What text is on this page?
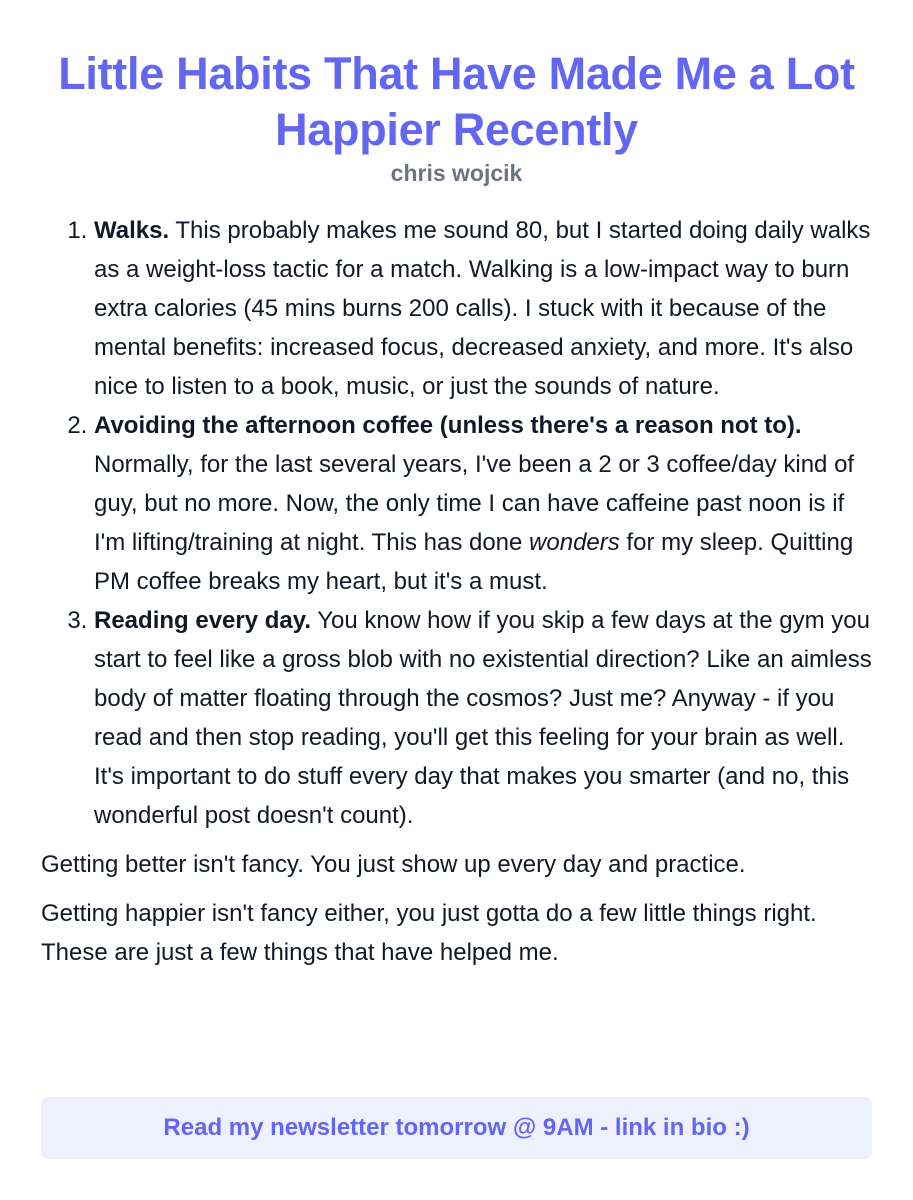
Little Habits That Have Made Me a Lot Happier Recently
chris wojcik
1. Walks. This probably makes me sound 80, but I started doing daily walks as a weight-loss tactic for a match. Walking is a low-impact way to burn extra calories (45 mins burns 200 calls). I stuck with it because of the mental benefits: increased focus, decreased anxiety, and more. It's also nice to listen to a book, music, or just the sounds of nature.
2. Avoiding the afternoon coffee (unless there's a reason not to). Normally, for the last several years, I've been a 2 or 3 coffee/day kind of guy, but no more. Now, the only time I can have caffeine past noon is if I'm lifting/training at night. This has done wonders for my sleep. Quitting PM coffee breaks my heart, but it's a must.
3. Reading every day. You know how if you skip a few days at the gym you start to feel like a gross blob with no existential direction? Like an aimless body of matter floating through the cosmos? Just me? Anyway - if you read and then stop reading, you'll get this feeling for your brain as well. It's important to do stuff every day that makes you smarter (and no, this wonderful post doesn't count).

Getting better isn't fancy. You just show up every day and practice.

Getting happier isn't fancy either, you just gotta do a few little things right. These are just a few things that have helped me.

Read my newsletter tomorrow @ 9AM - link in bio :)
